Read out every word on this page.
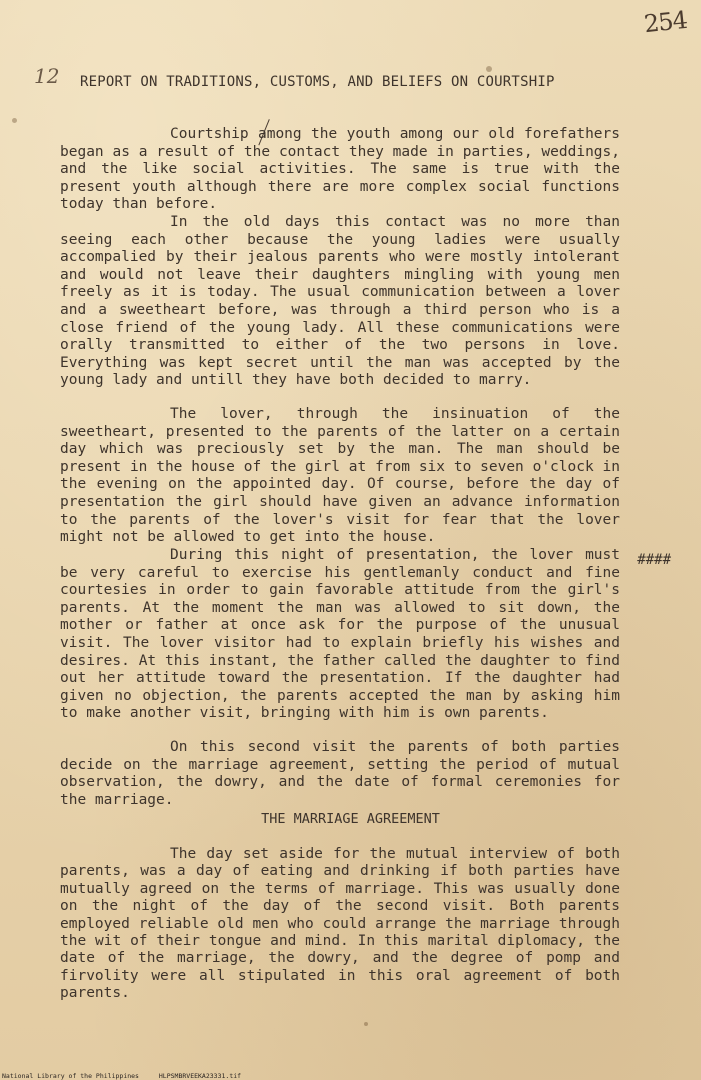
254
12 REPORT ON TRADITIONS, CUSTOMS, AND BELIEFS ON COURTSHIP
Courtship among the youth among our old forefathers began as a result of the contact they made in parties, weddings, and the like social activities. The same is true with the present youth although there are more complex social functions today than before.
In the old days this contact was no more than seeing each other because the young ladies were usually accompalied by their jealous parents who were mostly intolerant and would not leave their daughters mingling with young men freely as it is today. The usual communication between a lover and a sweetheart before, was through a third person who is a close friend of the young lady. All these communications were orally transmitted to either of the two persons in love. Everything was kept secret until the man was accepted by the young lady and untill they have both decided to marry.
The lover, through the insinuation of the sweetheart, presented to the parents of the latter on a certain day which was preciously set by the man. The man should be present in the house of the girl at from six to seven o'clock in the evening on the appointed day. Of course, before the day of presentation the girl should have given an advance information to the parents of the lover's visit for fear that the lover might not be allowed to get into the house.
During this night of presentation, the lover must be very careful to exercise his gentlemanly conduct and fine courtesies in order to gain favorable attitude from the girl's parents. At the moment the man was allowed to sit down, the mother or father at once ask for the purpose of the unusual visit. The lover visitor had to explain briefly his wishes and desires. At this instant, the father called the daughter to find out her attitude toward the presentation. If the daughter had given no objection, the parents accepted the man by asking him to make another visit, bringing with him is own parents.
####
On this second visit the parents of both parties decide on the marriage agreement, setting the period of mutual observation, the dowry, and the date of formal ceremonies for the marriage.
THE MARRIAGE AGREEMENT
The day set aside for the mutual interview of both parents, was a day of eating and drinking if both parties have mutually agreed on the terms of marriage. This was usually done on the night of the day of the second visit. Both parents employed reliable old men who could arrange the marriage through the wit of their tongue and mind. In this marital diplomacy, the date of the marriage, the dowry, and the degree of pomp and firvolity were all stipulated in this oral agreement of both parents.
National Library of the Philippines	HLPSMBRVEEKA23331.tif
